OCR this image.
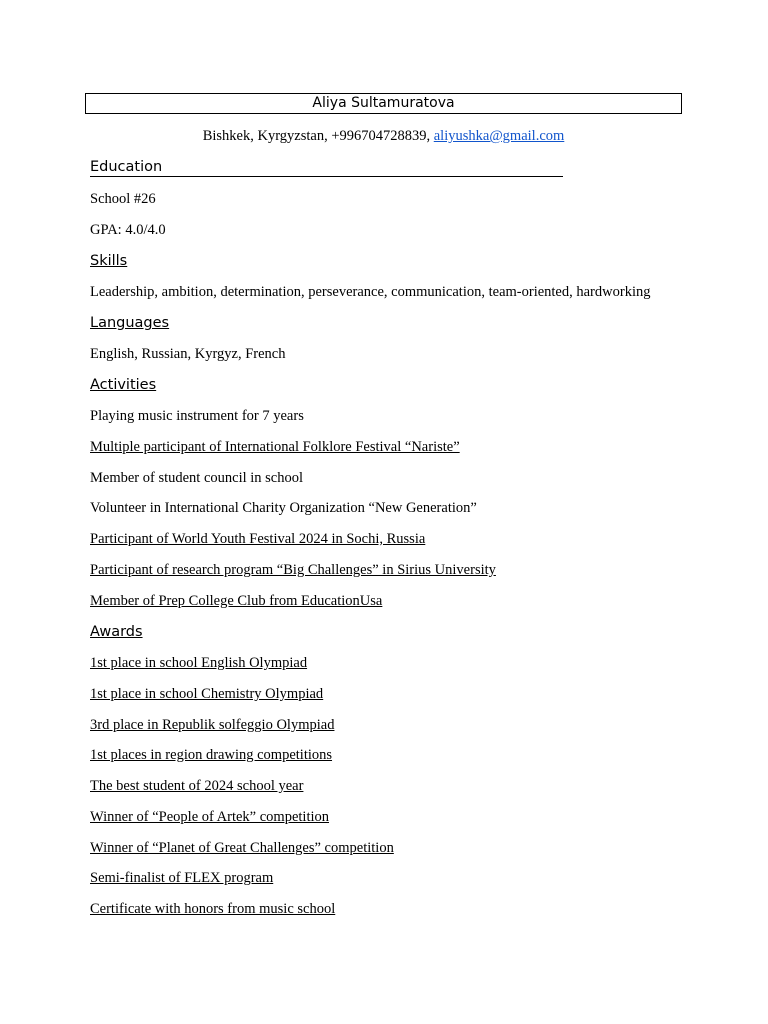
Aliya Sultamuratova
Bishkek, Kyrgyzstan, +996704728839, aliyushka@gmail.com
Education
School #26
GPA: 4.0/4.0
Skills
Leadership, ambition, determination, perseverance, communication, team-oriented, hardworking
Languages
English, Russian, Kyrgyz, French
Activities
Playing music instrument for 7 years
Multiple participant of International Folklore Festival “Nariste”
Member of student council in school
Volunteer in International Charity Organization “New Generation”
Participant of World Youth Festival 2024 in Sochi, Russia
Participant of research program “Big Challenges” in Sirius University
Member of Prep College Club from EducationUsa
Awards
1st place in school English Olympiad
1st place in school Chemistry Olympiad
3rd place in Republik solfeggio Olympiad
1st places in region drawing competitions
The best student of 2024 school year
Winner of “People of Artek” competition
Winner of “Planet of Great Challenges” competition
Semi-finalist of FLEX program
Certificate with honors from music school
